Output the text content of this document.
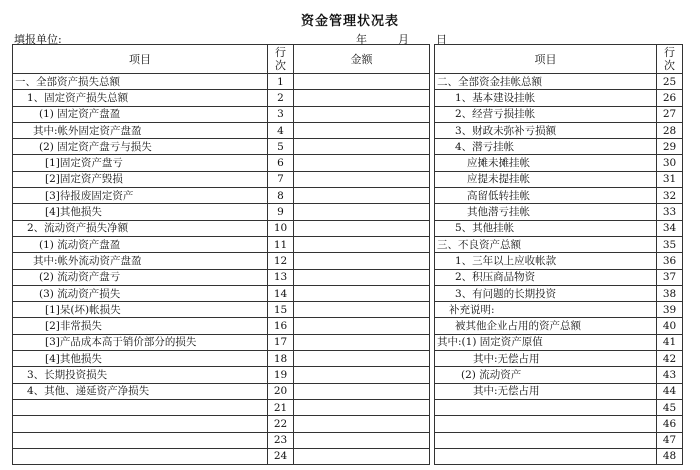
资金管理状况表
填报单位:	年	月 日
项目	行
次	金额		项目	行
次
一、全部资产损失总额	1			二、全部资金挂帐总额	25
1、固定资产损失总额	2			1、基本建设挂帐	26
(1) 固定资产盘盈	3			2、经营亏损挂帐	27
其中:帐外固定资产盘盈	4			3、财政未弥补亏损额	28
(2) 固定资产盘亏与损失	5			4、潜亏挂帐	29
[1]固定资产盘亏	6			应摊未摊挂帐	30
[2]固定资产毁损	7			应提未提挂帐	31
[3]待报废固定资产	8			高留低转挂帐	32
[4]其他损失	9			其他潜亏挂帐	33
2、流动资产损失净额	10			5、其他挂帐	34
(1) 流动资产盘盈	11			三、不良资产总额	35
其中:帐外流动资产盘盈	12			1、三年以上应收帐款	36
(2) 流动资产盘亏	13			2、积压商品物资	37
(3) 流动资产损失	14			3、有问题的长期投资	38
[1]呆(坏)帐损失	15			补充说明:	39
[2]非常损失	16			被其他企业占用的资产总额	40
[3]产品成本高于销价部分的损失	17			其中:(1) 固定资产原值	41
[4]其他损失	18			其中:无偿占用	42
3、长期投资损失	19			(2) 流动资产	43
4、其他、递延资产净损失	20			其中:无偿占用	44
	21				45
	22				46
	23				47
	24				48
